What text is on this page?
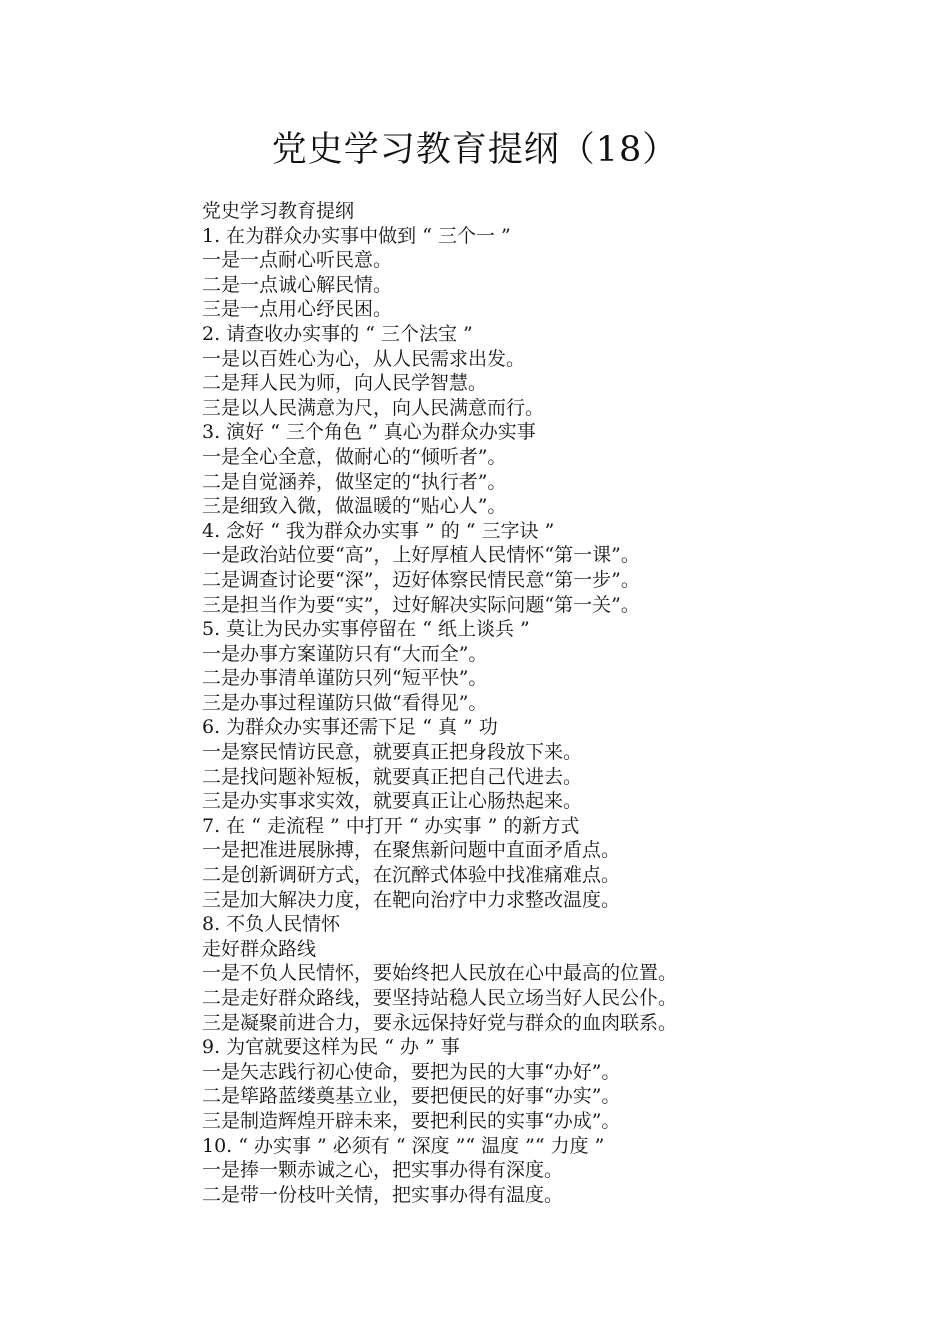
党史学习教育提纲（18）
党史学习教育提纲
1. 在为群众办实事中做到 “ 三个一 ”
一是一点耐心听民意。
二是一点诚心解民情。
三是一点用心纾民困。
2. 请查收办实事的 “ 三个法宝 ”
一是以百姓心为心，从人民需求出发。
二是拜人民为师，向人民学智慧。
三是以人民满意为尺，向人民满意而行。
3. 演好 “ 三个角色 ” 真心为群众办实事
一是全心全意，做耐心的“倾听者”。
二是自觉涵养，做坚定的“执行者”。
三是细致入微，做温暖的“贴心人”。
4. 念好 “ 我为群众办实事 ” 的 “ 三字诀 ”
一是政治站位要“高”，上好厚植人民情怀“第一课”。
二是调查讨论要“深”，迈好体察民情民意“第一步”。
三是担当作为要“实”，过好解决实际问题“第一关”。
5. 莫让为民办实事停留在 “ 纸上谈兵 ”
一是办事方案谨防只有“大而全”。
二是办事清单谨防只列“短平快”。
三是办事过程谨防只做“看得见”。
6. 为群众办实事还需下足 “ 真 ” 功
一是察民情访民意，就要真正把身段放下来。
二是找问题补短板，就要真正把自己代进去。
三是办实事求实效，就要真正让心肠热起来。
7. 在 “ 走流程 ” 中打开 “ 办实事 ” 的新方式
一是把准进展脉搏，在聚焦新问题中直面矛盾点。
二是创新调研方式，在沉醉式体验中找准痛难点。
三是加大解决力度，在靶向治疗中力求整改温度。
8. 不负人民情怀
走好群众路线
一是不负人民情怀，要始终把人民放在心中最高的位置。
二是走好群众路线，要坚持站稳人民立场当好人民公仆。
三是凝聚前进合力，要永远保持好党与群众的血肉联系。
9. 为官就要这样为民 “ 办 ” 事
一是矢志践行初心使命，要把为民的大事“办好”。
二是筚路蓝缕奠基立业，要把便民的好事“办实”。
三是制造辉煌开辟未来，要把利民的实事“办成”。
10. “ 办实事 ” 必须有 “ 深度 ”“ 温度 ”“ 力度 ”
一是捧一颗赤诚之心，把实事办得有深度。
二是带一份枝叶关情，把实事办得有温度。
